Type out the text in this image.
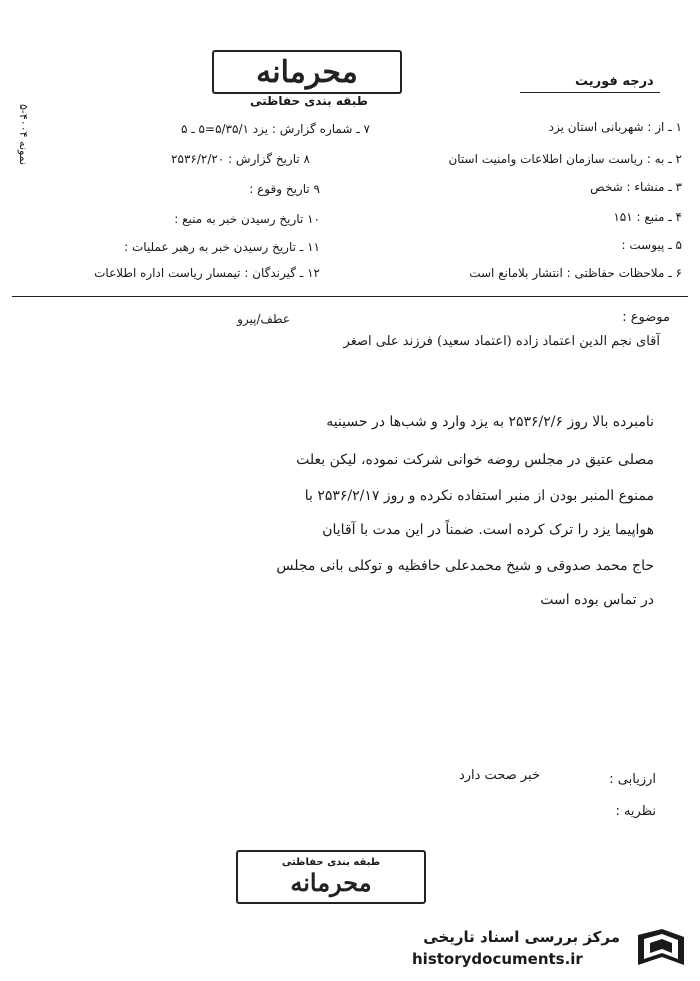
نمونه ۴۰۰۴-۵
محرمانه
طبقه بندی حفاظتی
درجه فوریت
۱ ـ از : شهربانی استان یزد
۲ ـ به : ریاست سازمان اطلاعات وامنیت استان
۳ ـ منشاء : شخص
۴ ـ منبع : ۱۵۱
۵ ـ پیوست :
۶ ـ ملاحظات حفاظتی : انتشار بلامانع است
۷ ـ شماره گزارش : یزد ۵/۳۵/۱=۵ ـ ۵
۸ تاریخ گزارش : ۲۵۳۶/۲/۲۰
۹ تاریخ وقوع :
۱۰ تاریخ رسیدن خبر به منبع :
۱۱ ـ تاریخ رسیدن خبر به رهبر عملیات :
۱۲ ـ گیرندگان : تیمسار ریاست اداره اطلاعات
موضوع :
عطف/پیرو
آقای نجم الدین اعتماد زاده (اعتماد سعید) فرزند علی اصغر
نامبرده بالا روز ۲۵۳۶/۲/۶ به یزد وارد و شب‌ها در حسینیه
مصلی عتیق در مجلس روضه خوانی شرکت نموده، لیکن بعلت
ممنوع المنبر بودن از منبر استفاده نکرده و روز ۲۵۳۶/۲/۱۷ با
هواپیما یزد را ترک کرده است. ضمناً در این مدت با آقایان
حاج محمد صدوقی و شیخ محمدعلی حافظیه و توکلی بانی مجلس
در تماس بوده است
ارزیابی :
خبر صحت دارد
نظریه :
طبقه بندی حفاظتی
محرمانه
مرکز بررسی اسناد تاریخی
historydocuments.ir
